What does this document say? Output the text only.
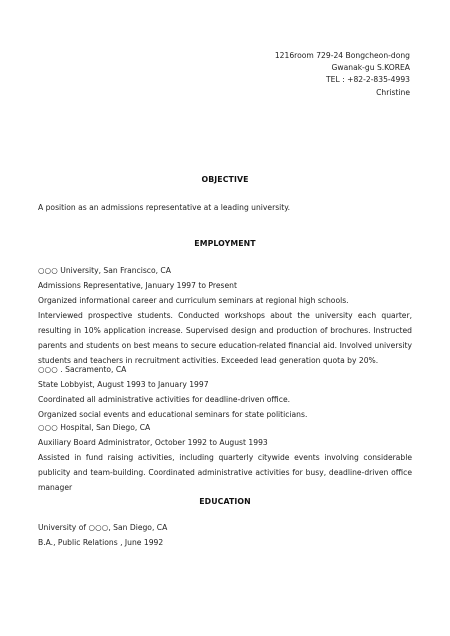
1216room 729-24 Bongcheon-dong
Gwanak-gu S.KOREA
TEL : +82-2-835-4993
Christine
OBJECTIVE
A position as an admissions representative at a leading university.
EMPLOYMENT
○○○ University, San Francisco, CA
Admissions Representative, January 1997 to Present
Organized informational career and curriculum seminars at regional high schools.
Interviewed prospective students. Conducted workshops about the university each quarter, resulting in 10% application increase. Supervised design and production of brochures. Instructed parents and students on best means to secure education-related financial aid. Involved university students and teachers in recruitment activities. Exceeded lead generation quota by 20%.
○○○ . Sacramento, CA
State Lobbyist, August 1993 to January 1997
Coordinated all administrative activities for deadline-driven office.
Organized social events and educational seminars for state politicians.
○○○ Hospital, San Diego, CA
Auxiliary Board Administrator, October 1992 to August 1993
Assisted in fund raising activities, including quarterly citywide events involving considerable publicity and team-building. Coordinated administrative activities for busy, deadline-driven office manager
EDUCATION
University of ○○○, San Diego, CA
B.A., Public Relations , June 1992
